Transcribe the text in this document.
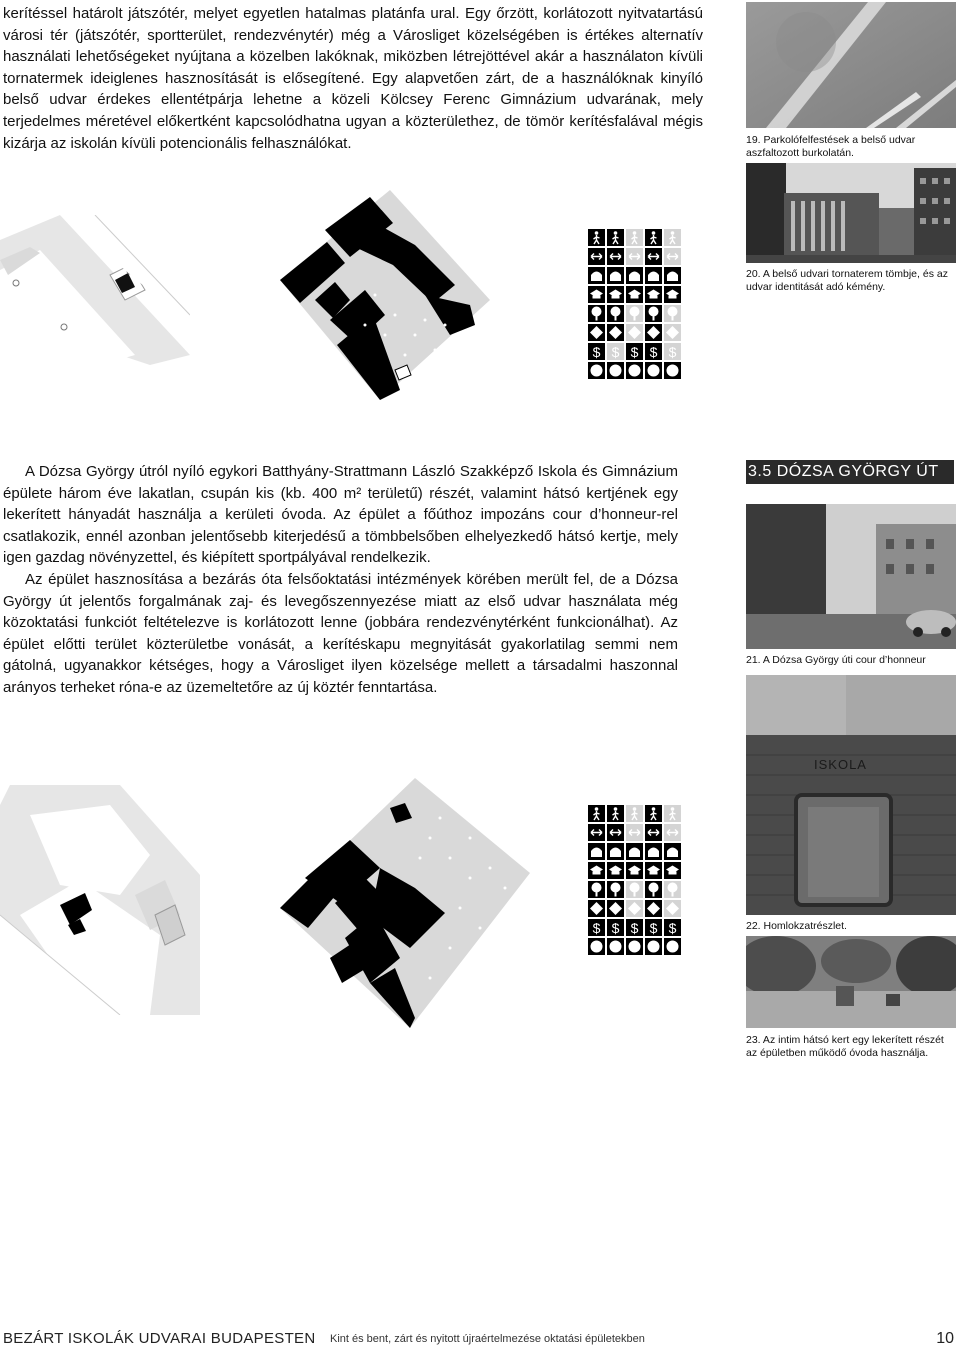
kerítéssel határolt játszótér, melyet egyetlen hatalmas platánfa ural. Egy őrzött, korlátozott nyitvatartású városi tér (játszótér, sportterület, rendezvénytér) még a Városliget közelségében is értékes alternatív használati lehetőségeket nyújtana a közelben lakóknak, miközben létrejöttével akár a használaton kívüli tornatermek ideiglenes hasznosítását is elősegítené. Egy alapvetően zárt, de a használóknak kinyíló belső udvar érdekes ellentétpárja lehetne a közeli Kölcsey Ferenc Gimnázium udvarának, mely terjedelmes méretével előkertként kapcsolódhatna ugyan a közterülethez, de tömör kerítésfalával mégis kizárja az iskolán kívüli potencionális felhasználókat.	19. Parkolófelfestések a belső udvar aszfaltozott burkolatán.
20. A belső udvari tornaterem tömbje, és az udvar identitását adó kémény.
$ $ $ $ $

A Dózsa György útról nyíló egykori Batthyány-Strattmann László Szakképző Iskola és Gimnázium épülete három éve lakatlan, csupán kis (kb. 400 m² területű) részét, valamint hátsó kertjének egy lekerített hányadát használja a kerületi óvoda. Az épület a főúthoz impozáns cour d’honneur-rel csatlakozik, ennél azonban jelentősebb kiterjedésű a tömbbelsőben elhelyezkedő hátsó kertje, mely igen gazdag növényzettel, és kiépített sportpályával rendelkezik.

Az épület hasznosítása a bezárás óta felsőoktatási intézmények körében merült fel, de a Dózsa György út jelentős forgalmának zaj- és levegőszennyezése miatt az első udvar használata még közoktatási funkciót feltételezve is korlátozott lenne (jobbára rendezvénytérként funkcionálhat). Az épület előtti terület közterületbe vonását, a kerítéskapu megnyitását gyakorlatilag semmi nem gátolná, ugyanakkor kétséges, hogy a Városliget ilyen közelsége mellett a társadalmi haszonnal arányos terheket róna-e az üzemeltetőre az új köztér fenntartása.

3.5 DÓZSA GYÖRGY ÚT
21. A Dózsa György úti cour d’honneur
ISKOLA
22. Homlokzatrészlet.
23. Az intim hátsó kert egy lekerített részét az épületben működő óvoda használja.
$ $ $ $ $
BEZÁRT ISKOLÁK UDVARAI BUDAPESTEN Kint és bent, zárt és nyitott újraértelmezése oktatási épületekben	10
